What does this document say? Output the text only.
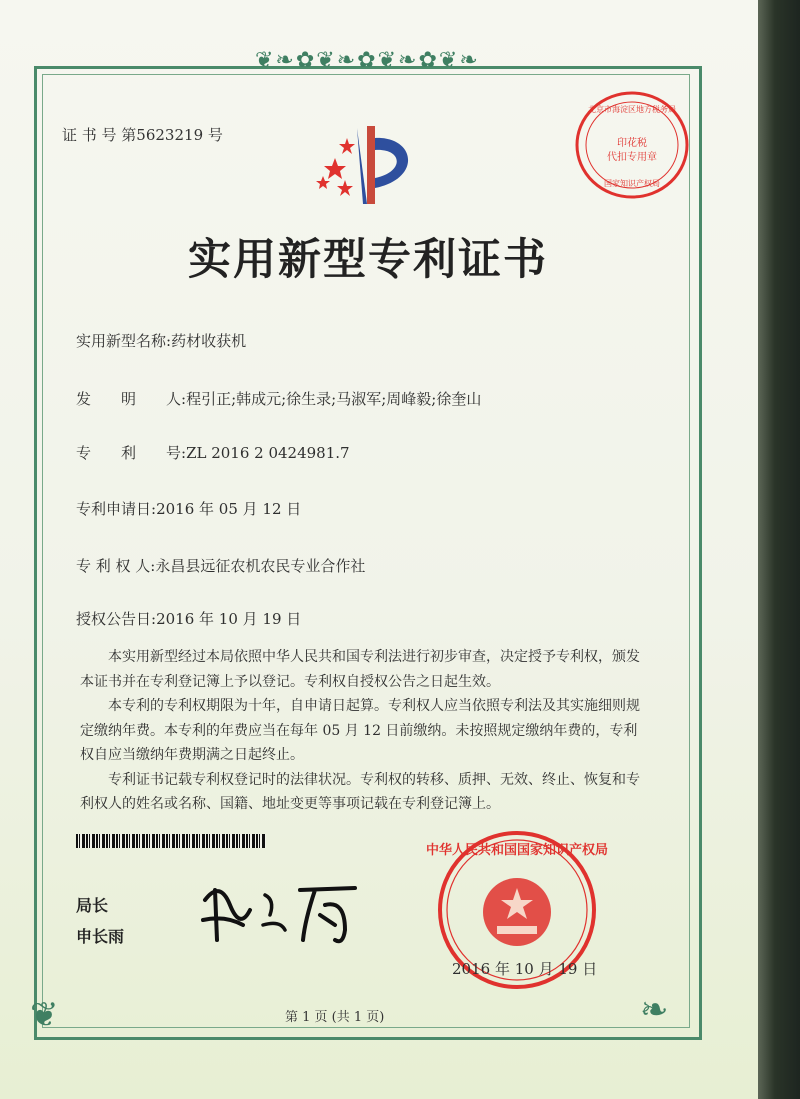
❦❧✿❦❧✿❦❧✿❦❧
❦	❧
证 书 号 第5623219 号	印花税
代扣专用章
北京市海淀区地方税务局
国家知识产权局
实用新型专利证书
实用新型名称:药材收获机
发　　明　　人:程引正;韩成元;徐生录;马淑军;周峰毅;徐奎山
专　　利　　号:ZL 2016 2 0424981.7
专利申请日:2016 年 05 月 12 日
专 利 权 人:永昌县远征农机农民专业合作社
授权公告日:2016 年 10 月 19 日

本实用新型经过本局依照中华人民共和国专利法进行初步审查，决定授予专利权，颁发本证书并在专利登记簿上予以登记。专利权自授权公告之日起生效。

本专利的专利权期限为十年，自申请日起算。专利权人应当依照专利法及其实施细则规定缴纳年费。本专利的年费应当在每年 05 月 12 日前缴纳。未按照规定缴纳年费的，专利权自应当缴纳年费期满之日起终止。

专利证书记载专利权登记时的法律状况。专利权的转移、质押、无效、终止、恢复和专利权人的姓名或名称、国籍、地址变更等事项记载在专利登记簿上。

局长
申长雨
中华人民共和国国家知识产权局
2016 年 10 月 19 日
第 1 页 (共 1 页)
